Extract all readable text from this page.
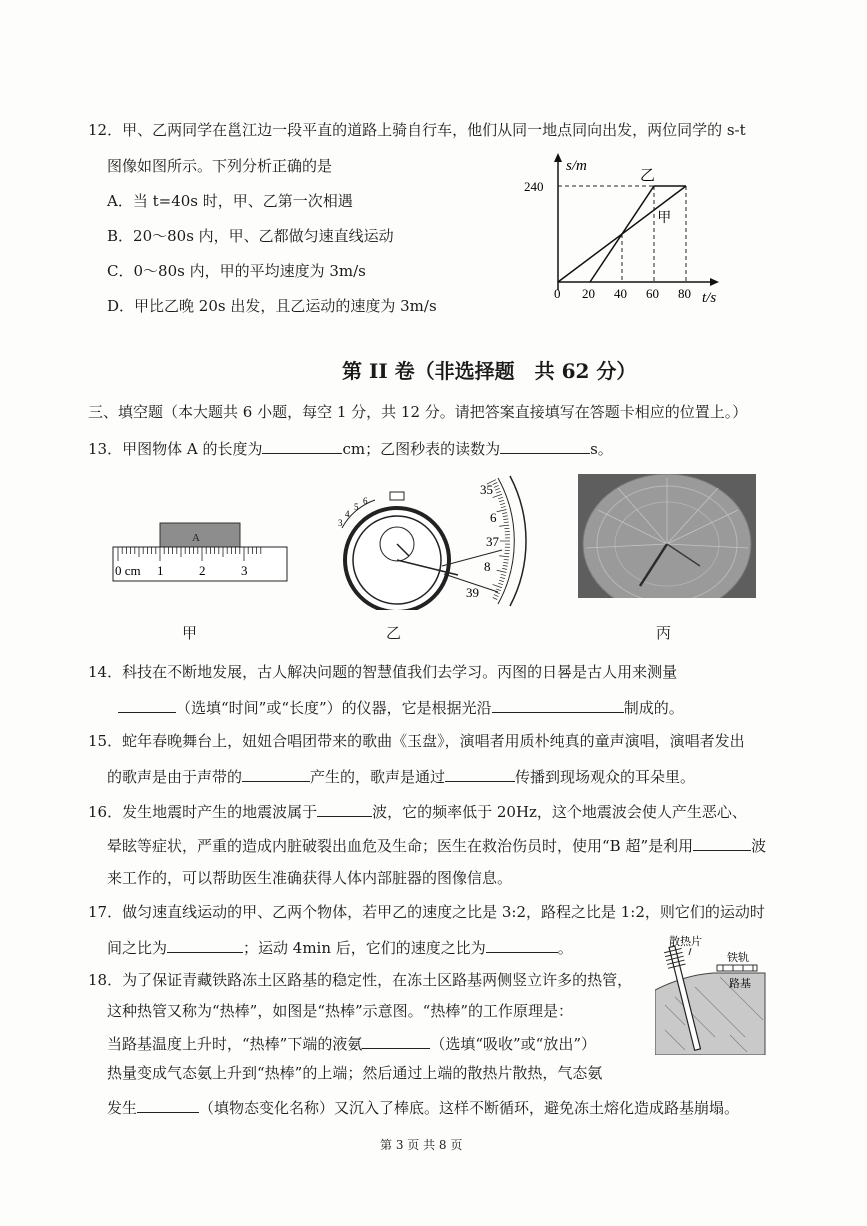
12．甲、乙两同学在邕江边一段平直的道路上骑自行车，他们从同一地点同向出发，两位同学的 s-t
图像如图所示。下列分析正确的是
A．当 t=40s 时，甲、乙第一次相遇
B．20～80s 内，甲、乙都做匀速直线运动
C．0～80s 内，甲的平均速度为 3m/s
D．甲比乙晚 20s 出发，且乙运动的速度为 3m/s
s/m
t/s
乙
甲
0 20 40 60 80
240
第 II 卷（非选择题　共 62 分）
三、填空题（本大题共 6 小题，每空 1 分，共 12 分。请把答案直接填写在答题卡相应的位置上。）
13．甲图物体 A 的长度为	cm；乙图秒表的读数为	s。
A
0 cm 1	2	3
3
4
5
6
35
6
37
8
39
甲	乙	丙
14．科技在不断地发展，古人解决问题的智慧值我们去学习。丙图的日晷是古人用来测量
（选填“时间”或“长度”）的仪器，它是根据光沿	制成的。
15．蛇年春晚舞台上，妞妞合唱团带来的歌曲《玉盘》，演唱者用质朴纯真的童声演唱，演唱者发出
的歌声是由于声带的	产生的，歌声是通过	传播到现场观众的耳朵里。
16．发生地震时产生的地震波属于	波，它的频率低于 20Hz，这个地震波会使人产生恶心、
晕眩等症状，严重的造成内脏破裂出血危及生命；医生在救治伤员时，使用“B 超”是利用	波
来工作的，可以帮助医生准确获得人体内部脏器的图像信息。
17．做匀速直线运动的甲、乙两个物体，若甲乙的速度之比是 3:2，路程之比是 1:2，则它们的运动时
间之比为	；运动 4min 后，它们的速度之比为	。
18．为了保证青藏铁路冻土区路基的稳定性，在冻土区路基两侧竖立许多的热管，
这种热管又称为“热棒”，如图是“热棒”示意图。“热棒”的工作原理是：
当路基温度上升时，“热棒”下端的液氨	（选填“吸收”或“放出”）
热量变成气态氨上升到“热棒”的上端；然后通过上端的散热片散热，气态氨
发生	（填物态变化名称）又沉入了棒底。这样不断循环，避免冻土熔化造成路基崩塌。
散热片
铁轨
路基
第 3 页 共 8 页
